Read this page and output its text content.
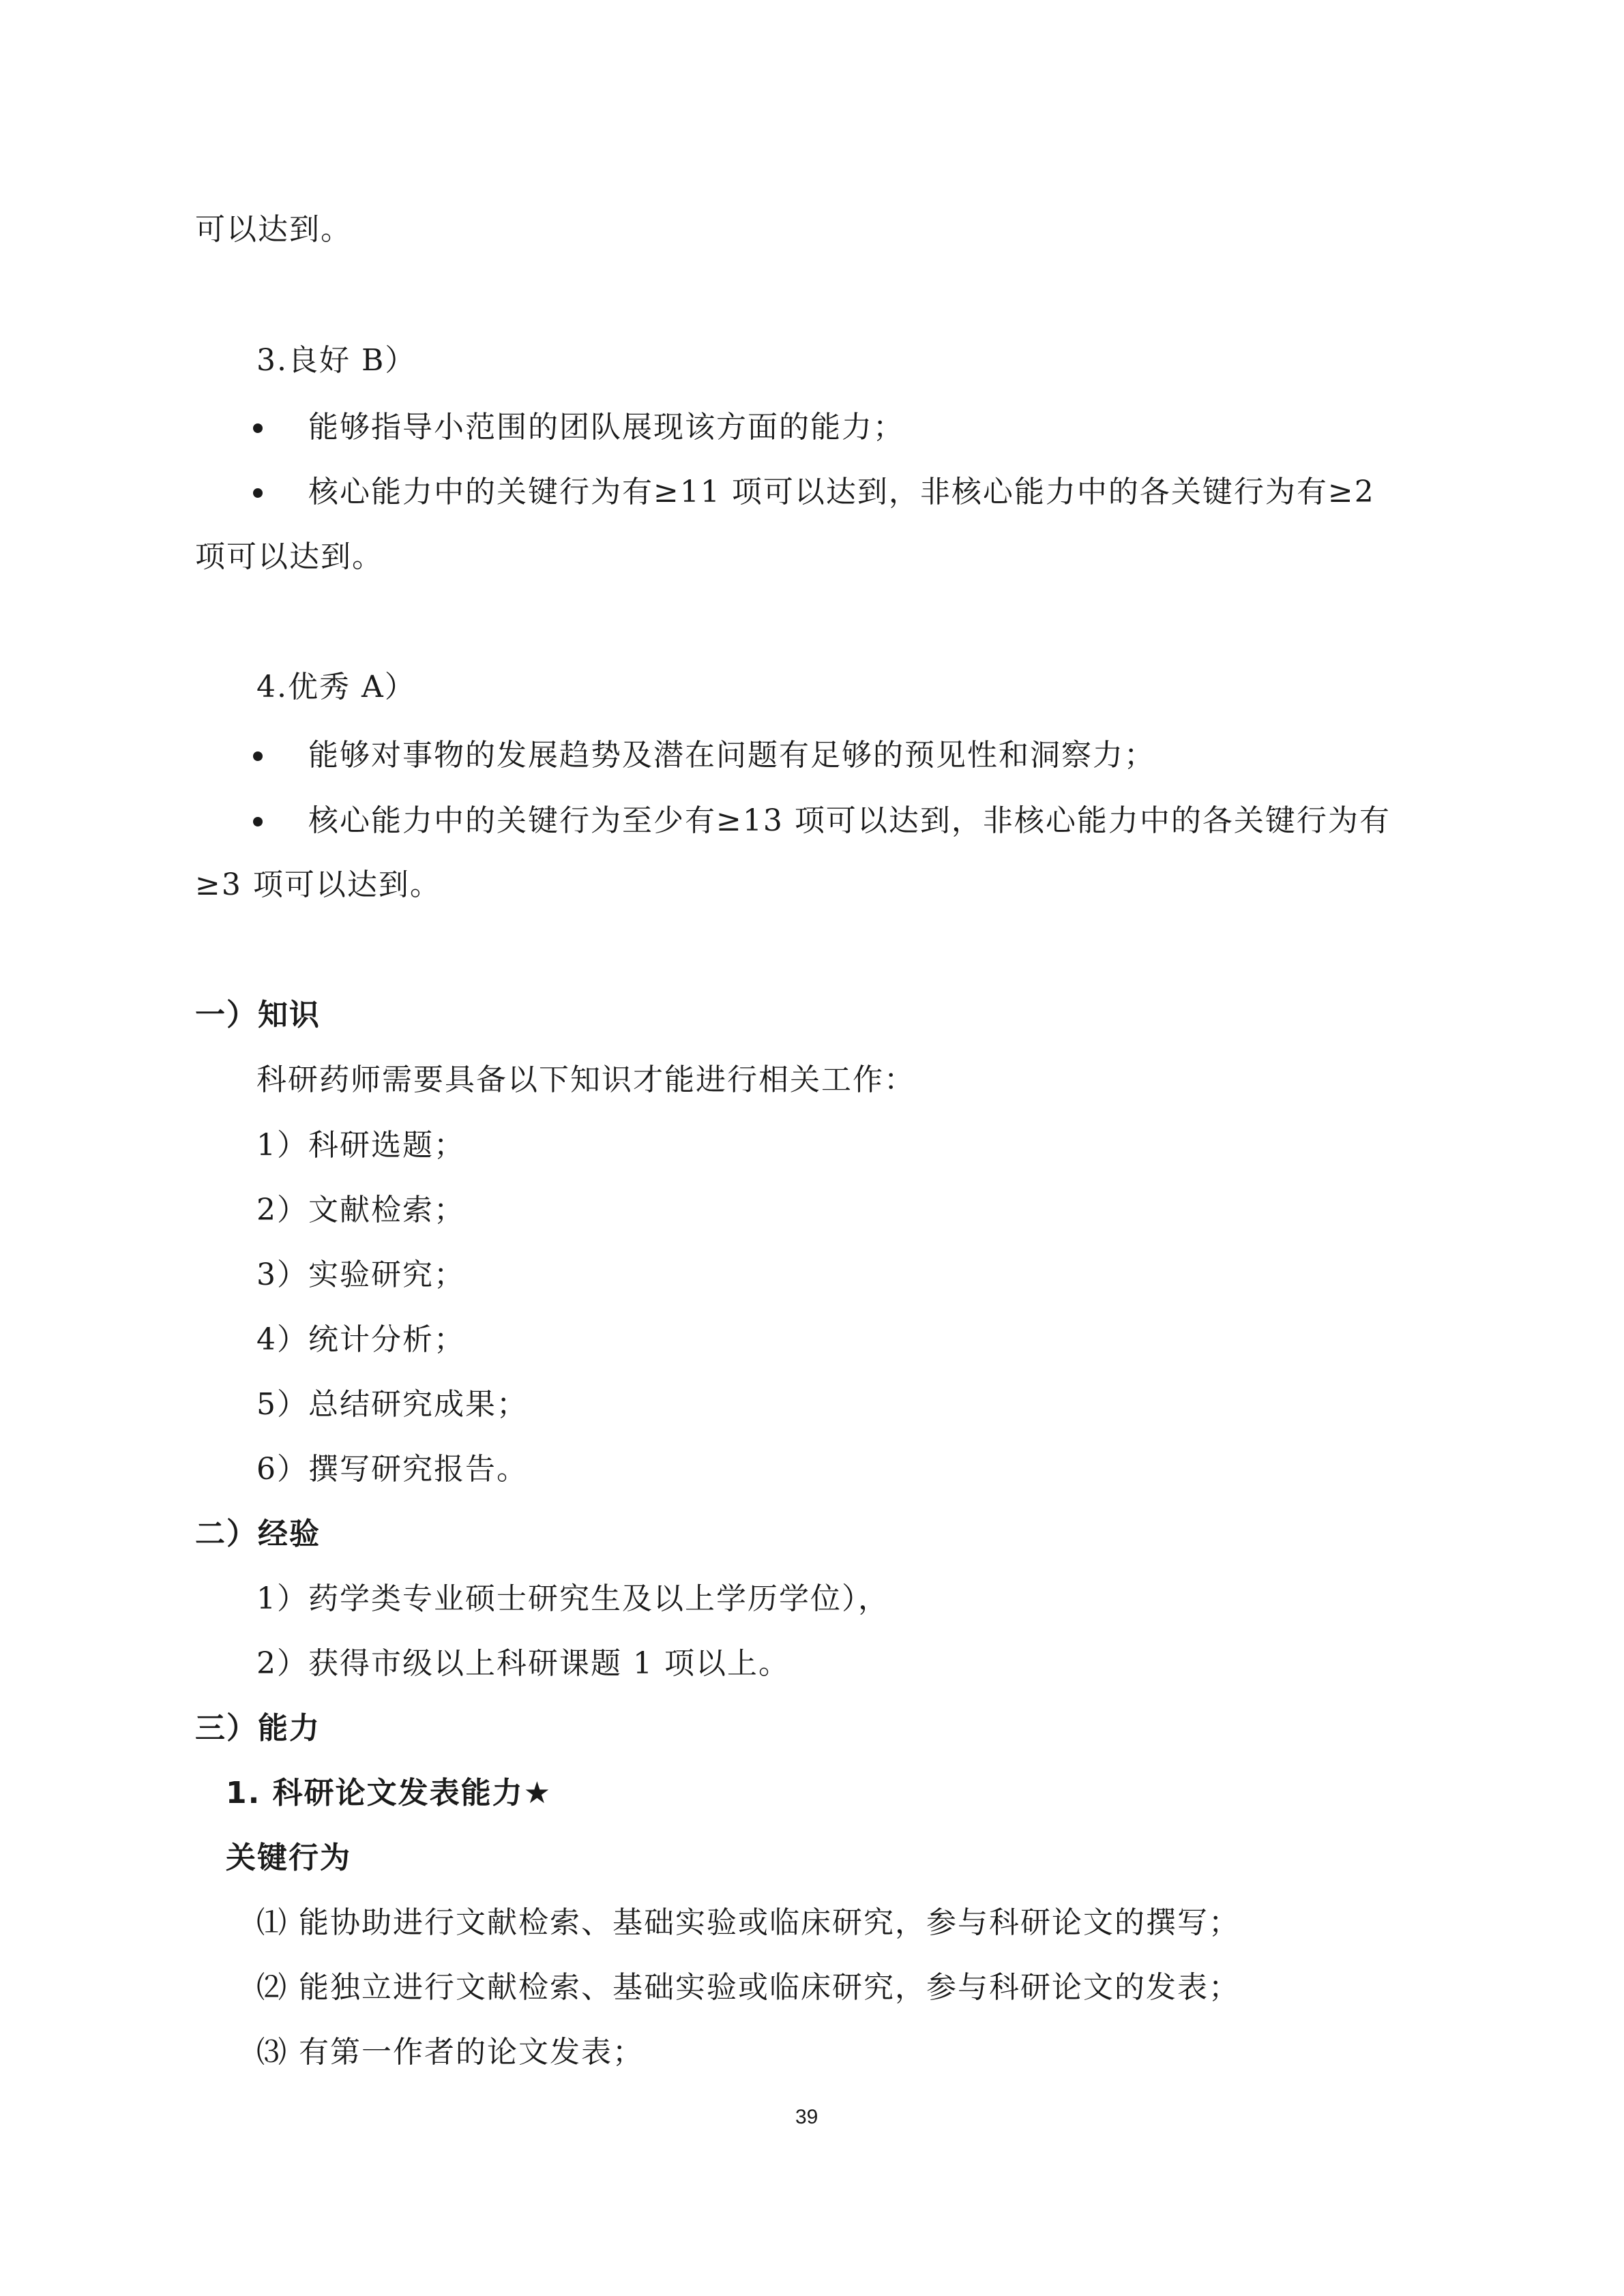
可以达到。
3.良好 B）
能够指导小范围的团队展现该方面的能力；
核心能力中的关键行为有≥11 项可以达到，非核心能力中的各关键行为有≥2
项可以达到。
4.优秀 A）
能够对事物的发展趋势及潜在问题有足够的预见性和洞察力；
核心能力中的关键行为至少有≥13 项可以达到，非核心能力中的各关键行为有
≥3 项可以达到。
一）知识
科研药师需要具备以下知识才能进行相关工作：
1）科研选题；
2）文献检索；
3）实验研究；
4）统计分析；
5）总结研究成果；
6）撰写研究报告。
二）经验
1）药学类专业硕士研究生及以上学历学位），
2）获得市级以上科研课题 1 项以上。
三）能力
1. 科研论文发表能力★
关键行为
⑴ 能协助进行文献检索、基础实验或临床研究，参与科研论文的撰写；
⑵ 能独立进行文献检索、基础实验或临床研究，参与科研论文的发表；
⑶ 有第一作者的论文发表；
39
